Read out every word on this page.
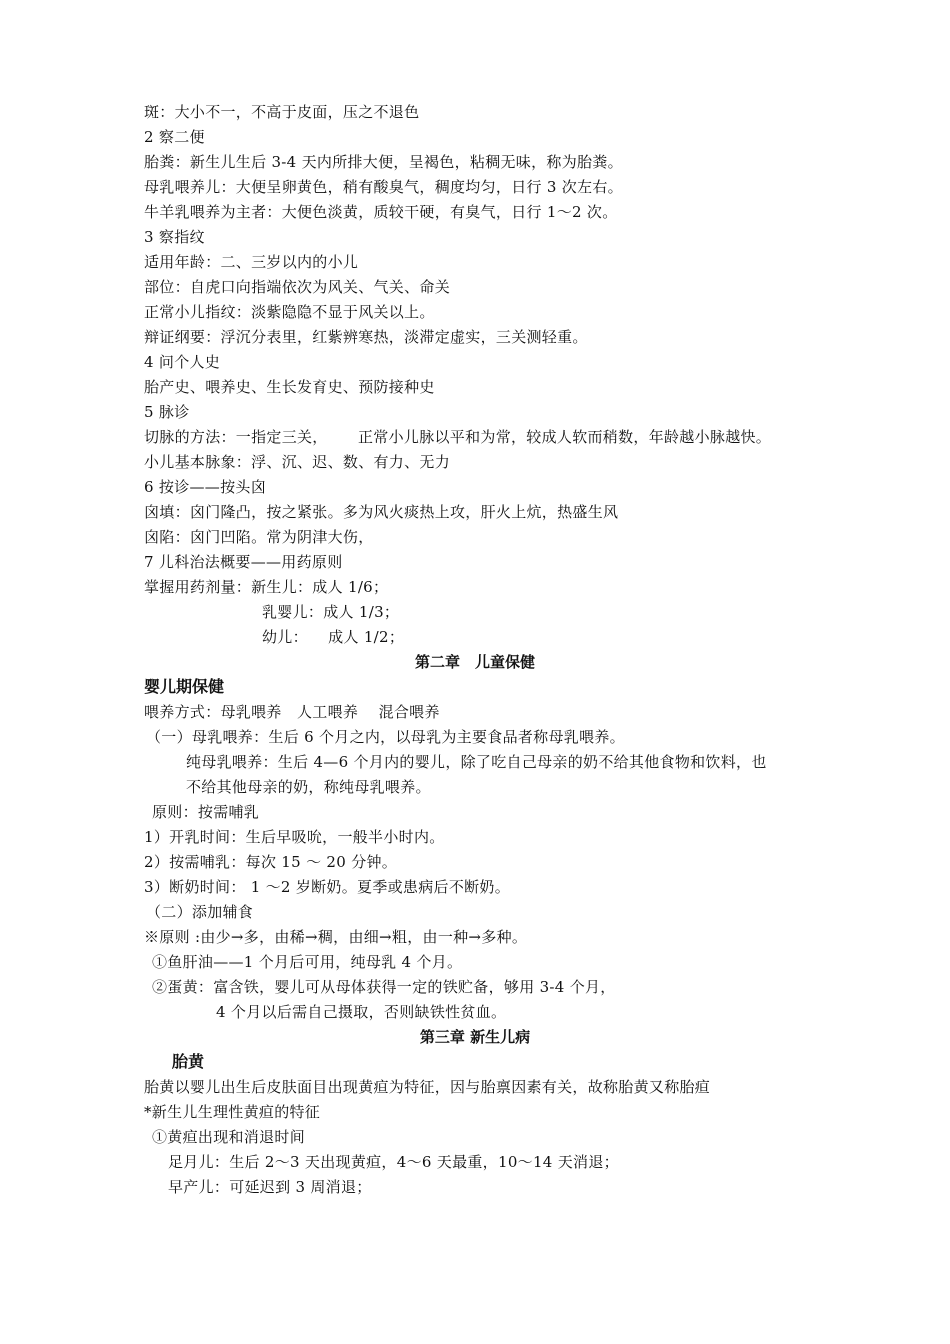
斑：大小不一，不高于皮面，压之不退色
2 察二便
胎粪：新生儿生后 3-4 天内所排大便，呈褐色，粘稠无味，称为胎粪。
母乳喂养儿：大便呈卵黄色，稍有酸臭气，稠度均匀，日行 3 次左右。
牛羊乳喂养为主者：大便色淡黄，质较干硬，有臭气，日行 1～2 次。
3 察指纹
适用年龄：二、三岁以内的小儿
部位：自虎口向指端依次为风关、气关、命关
正常小儿指纹：淡紫隐隐不显于风关以上。
辩证纲要：浮沉分表里，红紫辨寒热，淡滞定虚实，三关测轻重。
4 问个人史
胎产史、喂养史、生长发育史、预防接种史
5 脉诊
切脉的方法：一指定三关，      正常小儿脉以平和为常，较成人软而稍数，年龄越小脉越快。
小儿基本脉象：浮、沉、迟、数、有力、无力
6 按诊——按头囟
囟填：囟门隆凸，按之紧张。多为风火痰热上攻，肝火上炕，热盛生风
囟陷：囟门凹陷。常为阴津大伤，
7 儿科治法概要——用药原则
掌握用药剂量：新生儿：成人 1/6；
乳婴儿：成人 1/3；
幼儿：    成人 1/2；
第二章　儿童保健
婴儿期保健
喂养方式：母乳喂养　人工喂养　 混合喂养
（一）母乳喂养：生后 6 个月之内，以母乳为主要食品者称母乳喂养。
纯母乳喂养：生后 4—6 个月内的婴儿，除了吃自己母亲的奶不给其他食物和饮料，也
不给其他母亲的奶，称纯母乳喂养。
原则：按需哺乳
1）开乳时间：生后早吸吮，一般半小时内。
2）按需哺乳：每次 15 ～ 20 分钟。
3）断奶时间： 1 ～2 岁断奶。夏季或患病后不断奶。
（二）添加辅食
※原则 :由少→多，由稀→稠，由细→粗，由一种→多种。
①鱼肝油——1 个月后可用，纯母乳 4 个月。
②蛋黄：富含铁，婴儿可从母体获得一定的铁贮备，够用 3-4 个月，
4 个月以后需自己摄取，否则缺铁性贫血。
第三章 新生儿病
胎黄
胎黄以婴儿出生后皮肤面目出现黄疸为特征，因与胎禀因素有关，故称胎黄又称胎疸
*新生儿生理性黄疸的特征
①黄疸出现和消退时间
足月儿：生后 2～3 天出现黄疸，4～6 天最重，10～14 天消退；
早产儿：可延迟到 3 周消退；
